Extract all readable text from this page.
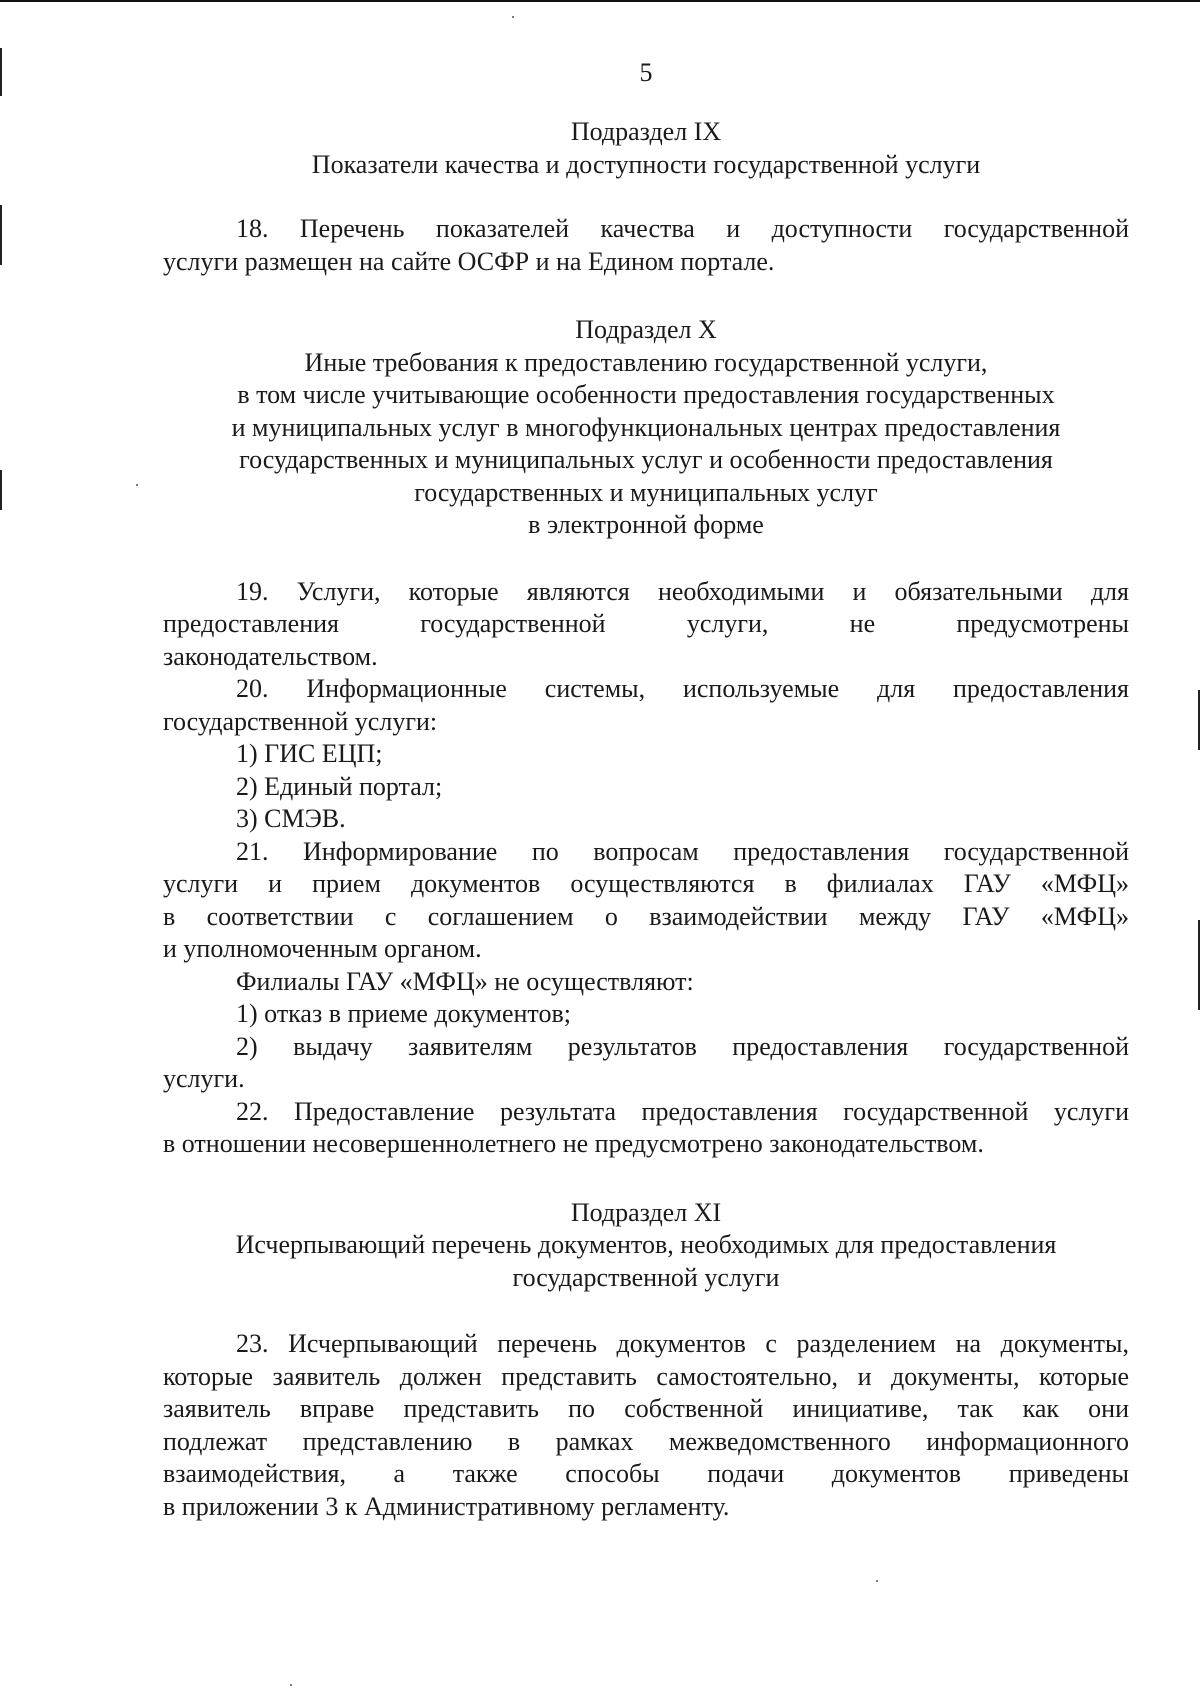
5
Подраздел IX
Показатели качества и доступности государственной услуги
18. Перечень показателей качества и доступности государственной
услуги размещен на сайте ОСФР и на Едином портале.
Подраздел X
Иные требования к предоставлению государственной услуги,
в том числе учитывающие особенности предоставления государственных
и муниципальных услуг в многофункциональных центрах предоставления
государственных и муниципальных услуг и особенности предоставления
государственных и муниципальных услуг
в электронной форме
19. Услуги, которые являются необходимыми и обязательными для
предоставления государственной услуги, не предусмотрены
законодательством.
20. Информационные системы, используемые для предоставления
государственной услуги:
1) ГИС ЕЦП;
2) Единый портал;
3) СМЭВ.
21. Информирование по вопросам предоставления государственной
услуги и прием документов осуществляются в филиалах ГАУ «МФЦ»
в соответствии с соглашением о взаимодействии между ГАУ «МФЦ»
и уполномоченным органом.
Филиалы ГАУ «МФЦ» не осуществляют:
1) отказ в приеме документов;
2) выдачу заявителям результатов предоставления государственной
услуги.
22. Предоставление результата предоставления государственной услуги
в отношении несовершеннолетнего не предусмотрено законодательством.
Подраздел XI
Исчерпывающий перечень документов, необходимых для предоставления
государственной услуги
23. Исчерпывающий перечень документов с разделением на документы,
которые заявитель должен представить самостоятельно, и документы, которые
заявитель вправе представить по собственной инициативе, так как они
подлежат представлению в рамках межведомственного информационного
взаимодействия, а также способы подачи документов приведены
в приложении 3 к Административному регламенту.
